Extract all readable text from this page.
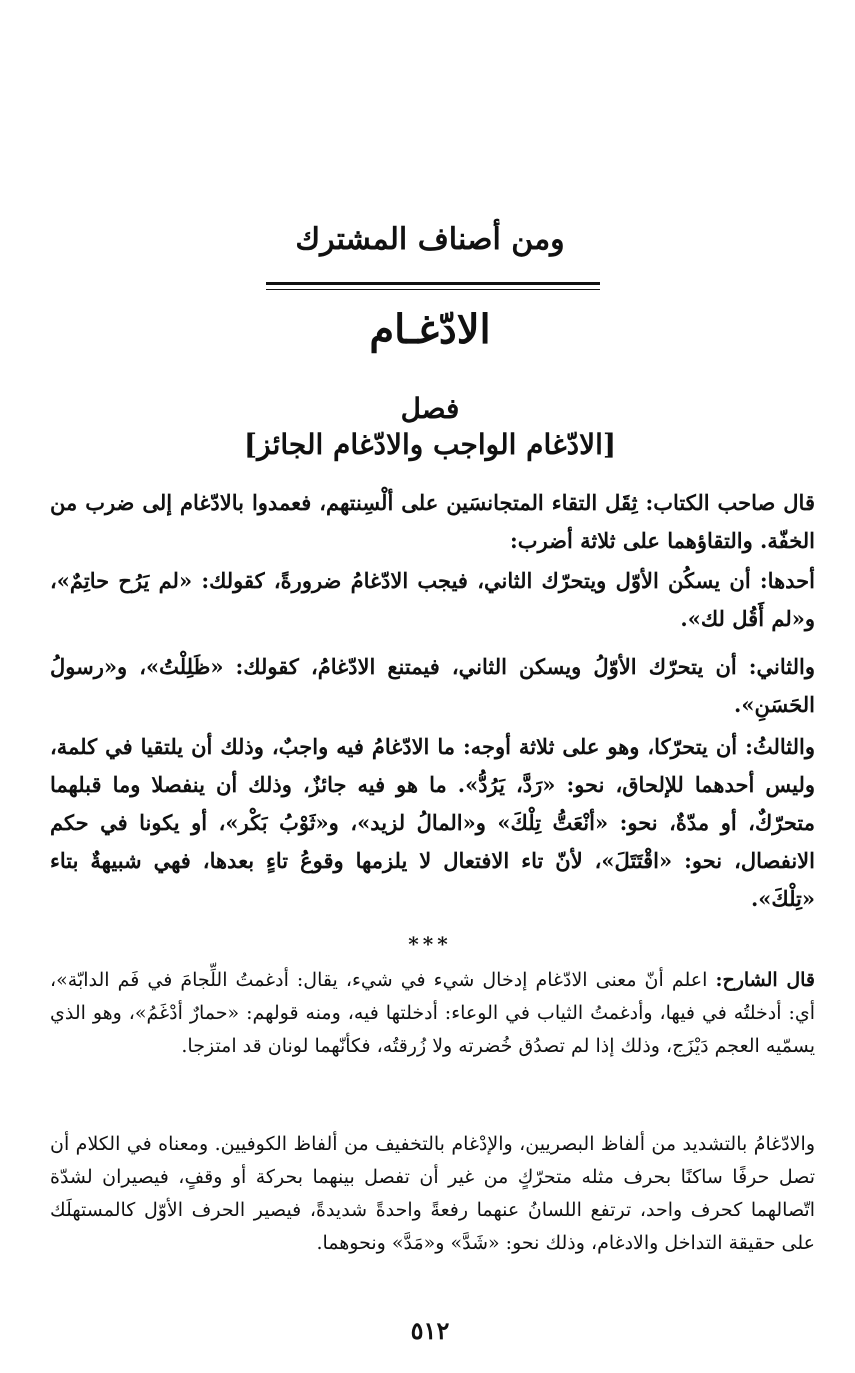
ومن أصناف المشترك
الادّغـام
فصل
[الادّغام الواجب والادّغام الجائز]

قال صاحب الكتاب: ثِقَل التقاء المتجانسَين على ألْسِنتهم، فعمدوا بالادّغام إلى ضرب من الخفّة. والتقاؤهما على ثلاثة أضرب:

أحدها: أن يسكُن الأوّل ويتحرّك الثاني، فيجب الادّغامُ ضرورةً، كقولك: «لم يَرُح حاتِمٌ»، و«لم أَقُل لك».

والثاني: أن يتحرّك الأوّلُ ويسكن الثاني، فيمتنع الادّغامُ، كقولك: «ظَلِلْتُ»، و«رسولُ الحَسَنِ».

والثالثُ: أن يتحرّكا، وهو على ثلاثة أوجه: ما الادّغامُ فيه واجبٌ، وذلك أن يلتقيا في كلمة، وليس أحدهما للإلحاق، نحو: «رَدَّ، يَرُدُّ». ما هو فيه جائزٌ، وذلك أن ينفصلا وما قبلهما متحرّكٌ، أو مدّةٌ، نحو: «أنْعَتُّ تِلْكَ» و«المالُ لزيد»، و«ثَوْبُ بَكْر»، أو يكونا في حكم الانفصال، نحو: «اقْتَتَلَ»، لأنّ تاء الافتعال لا يلزمها وقوعُ تاءٍ بعدها، فهي شبيهةٌ بتاء «تِلْكَ».

***

قال الشارح: اعلم أنّ معنى الادّغام إدخال شيء في شيء، يقال: أدغمتُ اللِّجامَ في فَم الدابّة»، أي: أدخلتُه في فيها، وأدغمتُ الثياب في الوعاء: أدخلتها فيه، ومنه قولهم: «حمارٌ أدْغَمُ»، وهو الذي يسمّيه العجم دَيْزَج، وذلك إذا لم تصدُق خُضرته ولا زُرقتُه، فكأنّهما لونان قد امتزجا.

والادّغامُ بالتشديد من ألفاظ البصريين، والإدْغام بالتخفيف من ألفاظ الكوفيين. ومعناه في الكلام أن تصل حرفًا ساكنًا بحرف مثله متحرّكٍ من غير أن تفصل بينهما بحركة أو وقفٍ، فيصيران لشدّة اتّصالهما كحرف واحد، ترتفع اللسانُ عنهما رفعةً واحدةً شديدةً، فيصير الحرف الأوّل كالمستهلَك على حقيقة التداخل والادغام، وذلك نحو: «شَدَّ» و«مَدَّ» ونحوهما.

٥١٢
